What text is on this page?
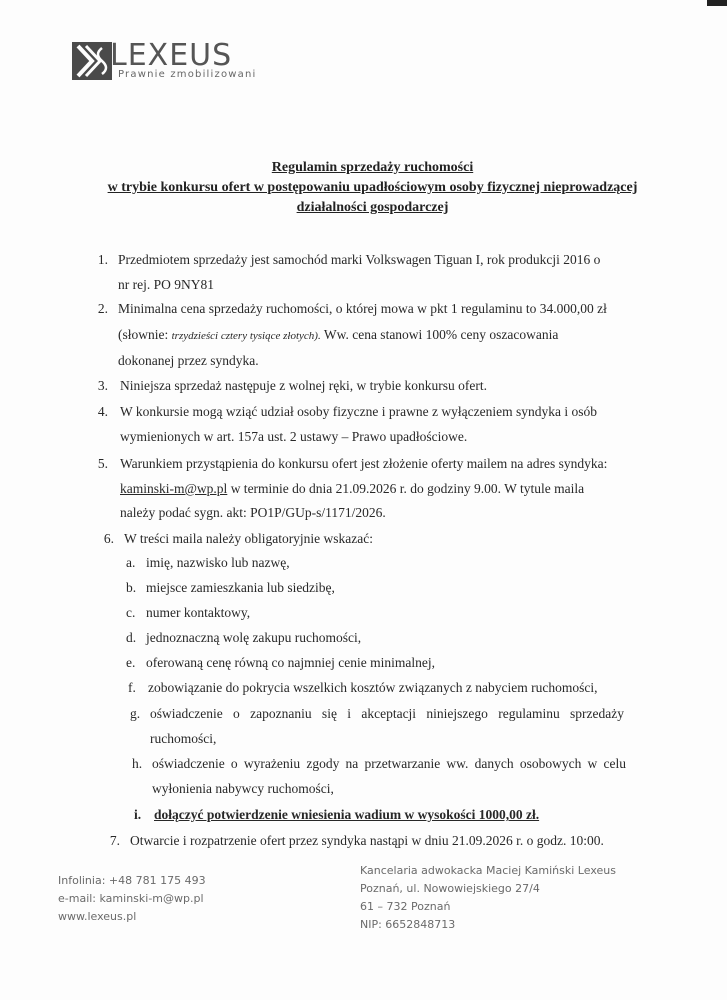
LEXEUS
Prawnie zmobilizowani
Regulamin sprzedaży ruchomości
w trybie konkursu ofert w postępowaniu upadłościowym osoby fizycznej nieprowadzącej
działalności gospodarczej
1. Przedmiotem sprzedaży jest samochód marki Volkswagen Tiguan I, rok produkcji 2016 o
nr rej. PO 9NY81
2. Minimalna cena sprzedaży ruchomości, o której mowa w pkt 1 regulaminu to 34.000,00 zł
(słownie: trzydzieści cztery tysiące złotych). Ww. cena stanowi 100% ceny oszacowania
dokonanej przez syndyka.
3. Niniejsza sprzedaż następuje z wolnej ręki, w trybie konkursu ofert.
4. W konkursie mogą wziąć udział osoby fizyczne i prawne z wyłączeniem syndyka i osób
wymienionych w art. 157a ust. 2 ustawy – Prawo upadłościowe.
5. Warunkiem przystąpienia do konkursu ofert jest złożenie oferty mailem na adres syndyka:
kaminski-m@wp.pl w terminie do dnia 21.09.2026 r. do godziny 9.00. W tytule maila
należy podać sygn. akt: PO1P/GUp-s/1171/2026.
6. W treści maila należy obligatoryjnie wskazać:
a. imię, nazwisko lub nazwę,
b. miejsce zamieszkania lub siedzibę,
c. numer kontaktowy,
d. jednoznaczną wolę zakupu ruchomości,
e. oferowaną cenę równą co najmniej cenie minimalnej,
f. zobowiązanie do pokrycia wszelkich kosztów związanych z nabyciem ruchomości,
g. oświadczenie o zapoznaniu się i akceptacji niniejszego regulaminu sprzedaży
ruchomości,
h. oświadczenie o wyrażeniu zgody na przetwarzanie ww. danych osobowych w celu
wyłonienia nabywcy ruchomości,
i. dołączyć potwierdzenie wniesienia wadium w wysokości 1000,00 zł.
7. Otwarcie i rozpatrzenie ofert przez syndyka nastąpi w dniu 21.09.2026 r. o godz. 10:00.
Infolinia: +48 781 175 493
e-mail: kaminski-m@wp.pl
www.lexeus.pl
Kancelaria adwokacka Maciej Kamiński Lexeus
Poznań, ul. Nowowiejskiego 27/4
61 – 732 Poznań
NIP: 6652848713
